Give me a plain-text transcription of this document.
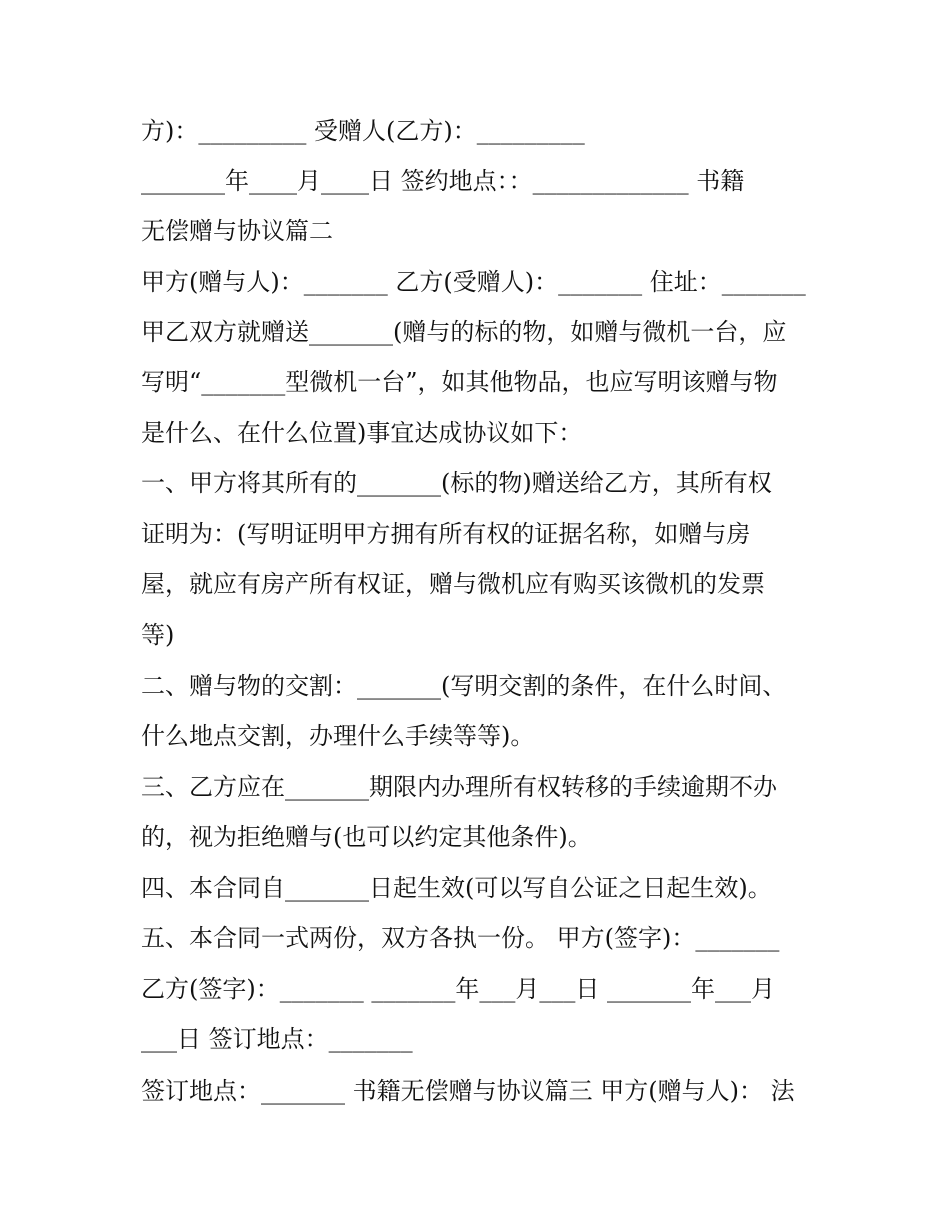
方)：_________ 受赠人(乙方)：_________
_______年____月____日 签约地点：：_____________ 书籍
无偿赠与协议篇二
甲方(赠与人)：_______ 乙方(受赠人)：_______ 住址：_______
甲乙双方就赠送_______(赠与的标的物，如赠与微机一台，应
写明“_______型微机一台”，如其他物品，也应写明该赠与物
是什么、在什么位置)事宜达成协议如下：
一、甲方将其所有的_______(标的物)赠送给乙方，其所有权
证明为：(写明证明甲方拥有所有权的证据名称，如赠与房
屋，就应有房产所有权证，赠与微机应有购买该微机的发票
等)
二、赠与物的交割：_______(写明交割的条件，在什么时间、
什么地点交割，办理什么手续等等)。
三、乙方应在_______期限内办理所有权转移的手续逾期不办
的，视为拒绝赠与(也可以约定其他条件)。
四、本合同自_______日起生效(可以写自公证之日起生效)。
五、本合同一式两份，双方各执一份。 甲方(签字)：_______
乙方(签字)：_______ _______年___月___日 _______年___月
___日 签订地点：_______
签订地点：_______ 书籍无偿赠与协议篇三 甲方(赠与人)： 法
